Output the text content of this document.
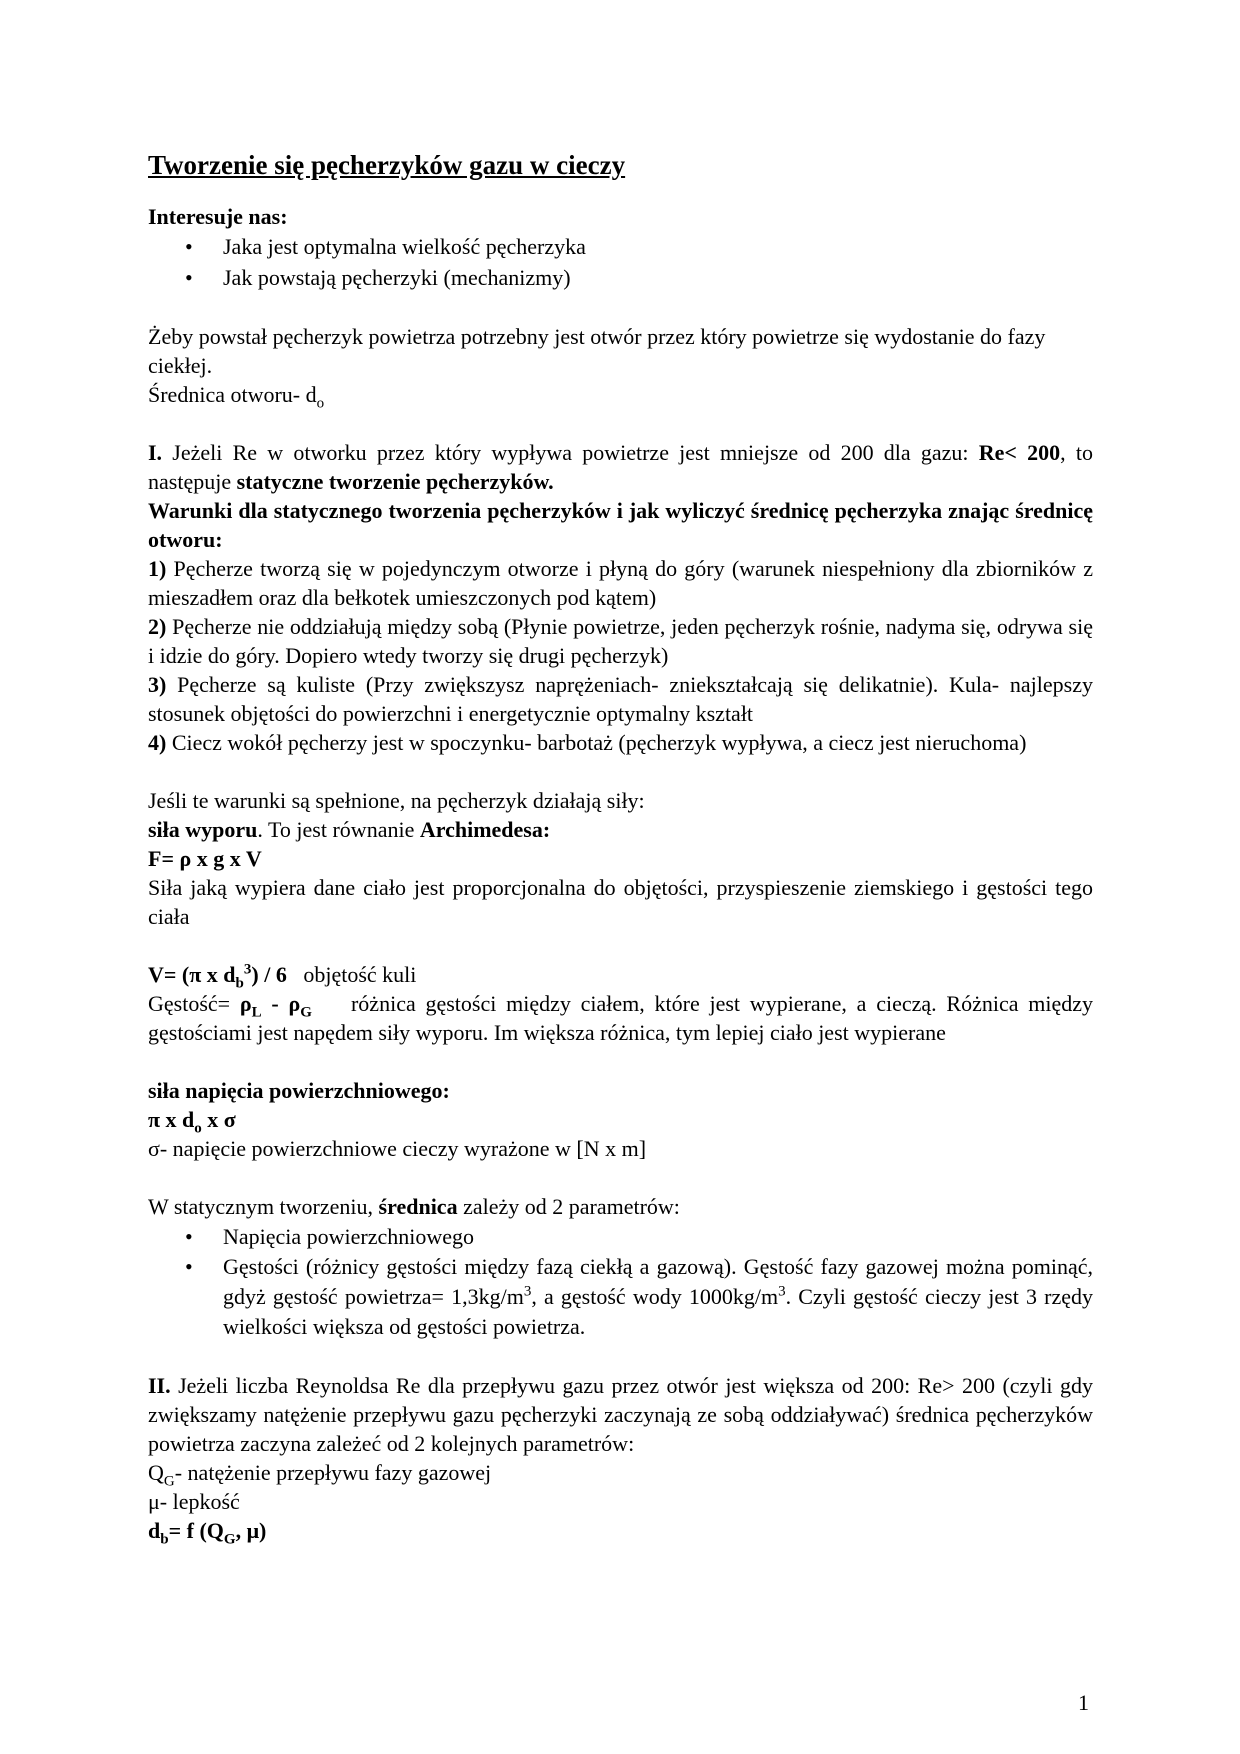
Tworzenie się pęcherzyków gazu w cieczy

Interesuje nas:

• Jaka jest optymalna wielkość pęcherzyka
• Jak powstają pęcherzyki (mechanizmy)

Żeby powstał pęcherzyk powietrza potrzebny jest otwór przez który powietrze się wydostanie do fazy ciekłej.

Średnica otworu- $d_o$

I. Jeżeli Re w otworku przez który wypływa powietrze jest mniejsze od 200 dla gazu: Re< 200, to następuje statyczne tworzenie pęcherzyków.

Warunki dla statycznego tworzenia pęcherzyków i jak wyliczyć średnicę pęcherzyka znając średnicę otworu:

1) Pęcherze tworzą się w pojedynczym otworze i płyną do góry (warunek niespełniony dla zbiorników z mieszadłem oraz dla bełkotek umieszczonych pod kątem)

2) Pęcherze nie oddziałują między sobą (Płynie powietrze, jeden pęcherzyk rośnie, nadyma się, odrywa się i idzie do góry. Dopiero wtedy tworzy się drugi pęcherzyk)

3) Pęcherze są kuliste (Przy zwiększysz naprężeniach- zniekształcają się delikatnie). Kula- najlepszy stosunek objętości do powierzchni i energetycznie optymalny kształt

4) Ciecz wokół pęcherzy jest w spoczynku- barbotaż (pęcherzyk wypływa, a ciecz jest nieruchoma)

Jeśli te warunki są spełnione, na pęcherzyk działają siły:

siła wyporu. To jest równanie Archimedesa:

F= ρ x g x V

Siła jaką wypiera dane ciało jest proporcjonalna do objętości, przyspieszenie ziemskiego i gęstości tego ciała

V= (π x $d_b^3) / 6$   objętość kuli

Gęstość= $\rho_L - \rho_G$    różnica gęstości między ciałem, które jest wypierane, a cieczą. Różnica między gęstościami jest napędem siły wyporu. Im większa różnica, tym lepiej ciało jest wypierane

siła napięcia powierzchniowego:

π x $d_o$ x σ

σ- napięcie powierzchniowe cieczy wyrażone w [N x m]

W statycznym tworzeniu, średnica zależy od 2 parametrów:

• Napięcia powierzchniowego
• Gęstości (różnicy gęstości między fazą ciekłą a gazową). Gęstość fazy gazowej można pominąć, gdyż gęstość powietrza= $1,3kg/m^3$, a gęstość wody $1000kg/m^3$. Czyli gęstość cieczy jest 3 rzędy wielkości większa od gęstości powietrza.

II. Jeżeli liczba Reynoldsa Re dla przepływu gazu przez otwór jest większa od 200: Re> 200 (czyli gdy zwiększamy natężenie przepływu gazu pęcherzyki zaczynają ze sobą oddziaływać) średnica pęcherzyków powietrza zaczyna zależeć od 2 kolejnych parametrów:

$Q_G-$ natężenie przepływu fazy gazowej

μ- lepkość

$d_b= f$ ($Q_G$, μ)

1
